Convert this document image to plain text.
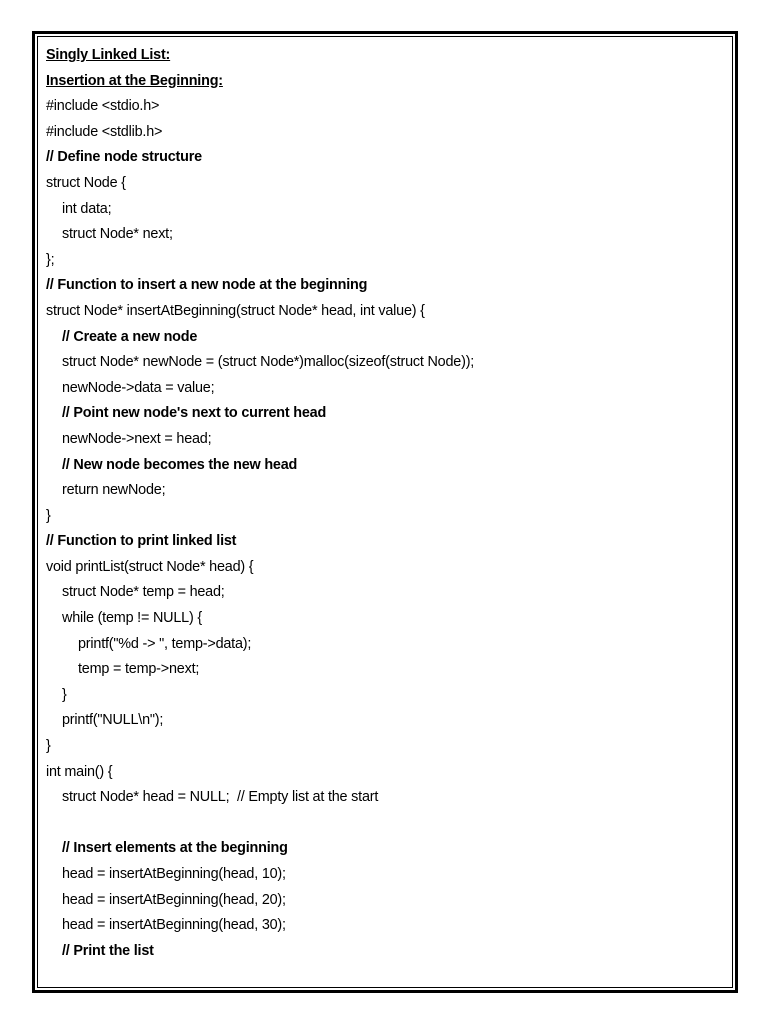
Singly Linked List:
Insertion at the Beginning:
#include <stdio.h>
#include <stdlib.h>
// Define node structure
struct Node {
int data;
struct Node* next;
};
// Function to insert a new node at the beginning
struct Node* insertAtBeginning(struct Node* head, int value) {
// Create a new node
struct Node* newNode = (struct Node*)malloc(sizeof(struct Node));
newNode->data = value;
// Point new node's next to current head
newNode->next = head;
// New node becomes the new head
return newNode;
}
// Function to print linked list
void printList(struct Node* head) {
struct Node* temp = head;
while (temp != NULL) {
printf("%d -> ", temp->data);
temp = temp->next;
}
printf("NULL\n");
}
int main() {
struct Node* head = NULL;  // Empty list at the start
// Insert elements at the beginning
head = insertAtBeginning(head, 10);
head = insertAtBeginning(head, 20);
head = insertAtBeginning(head, 30);
// Print the list
